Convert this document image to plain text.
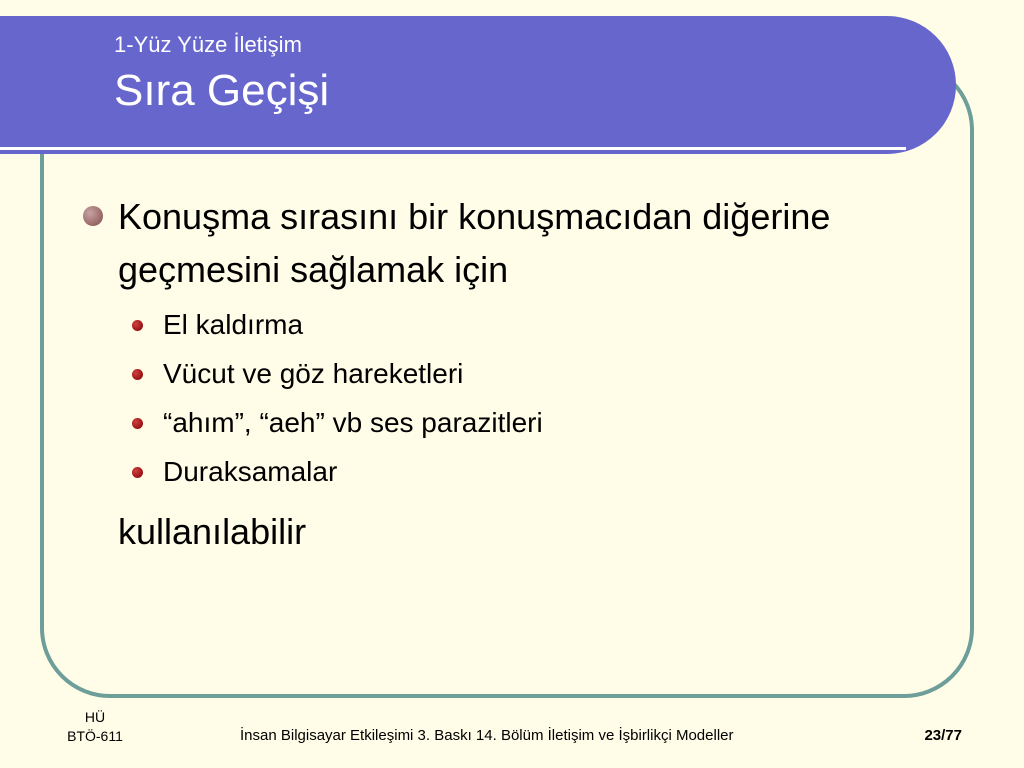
1-Yüz Yüze İletişim
Sıra Geçişi
Konuşma sırasını bir konuşmacıdan diğerine geçmesini sağlamak için
El kaldırma
Vücut ve göz hareketleri
“ahım”, “aeh” vb ses parazitleri
Duraksamalar
kullanılabilir
HÜ
BTÖ-611	İnsan Bilgisayar Etkileşimi 3. Baskı 14. Bölüm İletişim ve İşbirlikçi Modeller	23/77
